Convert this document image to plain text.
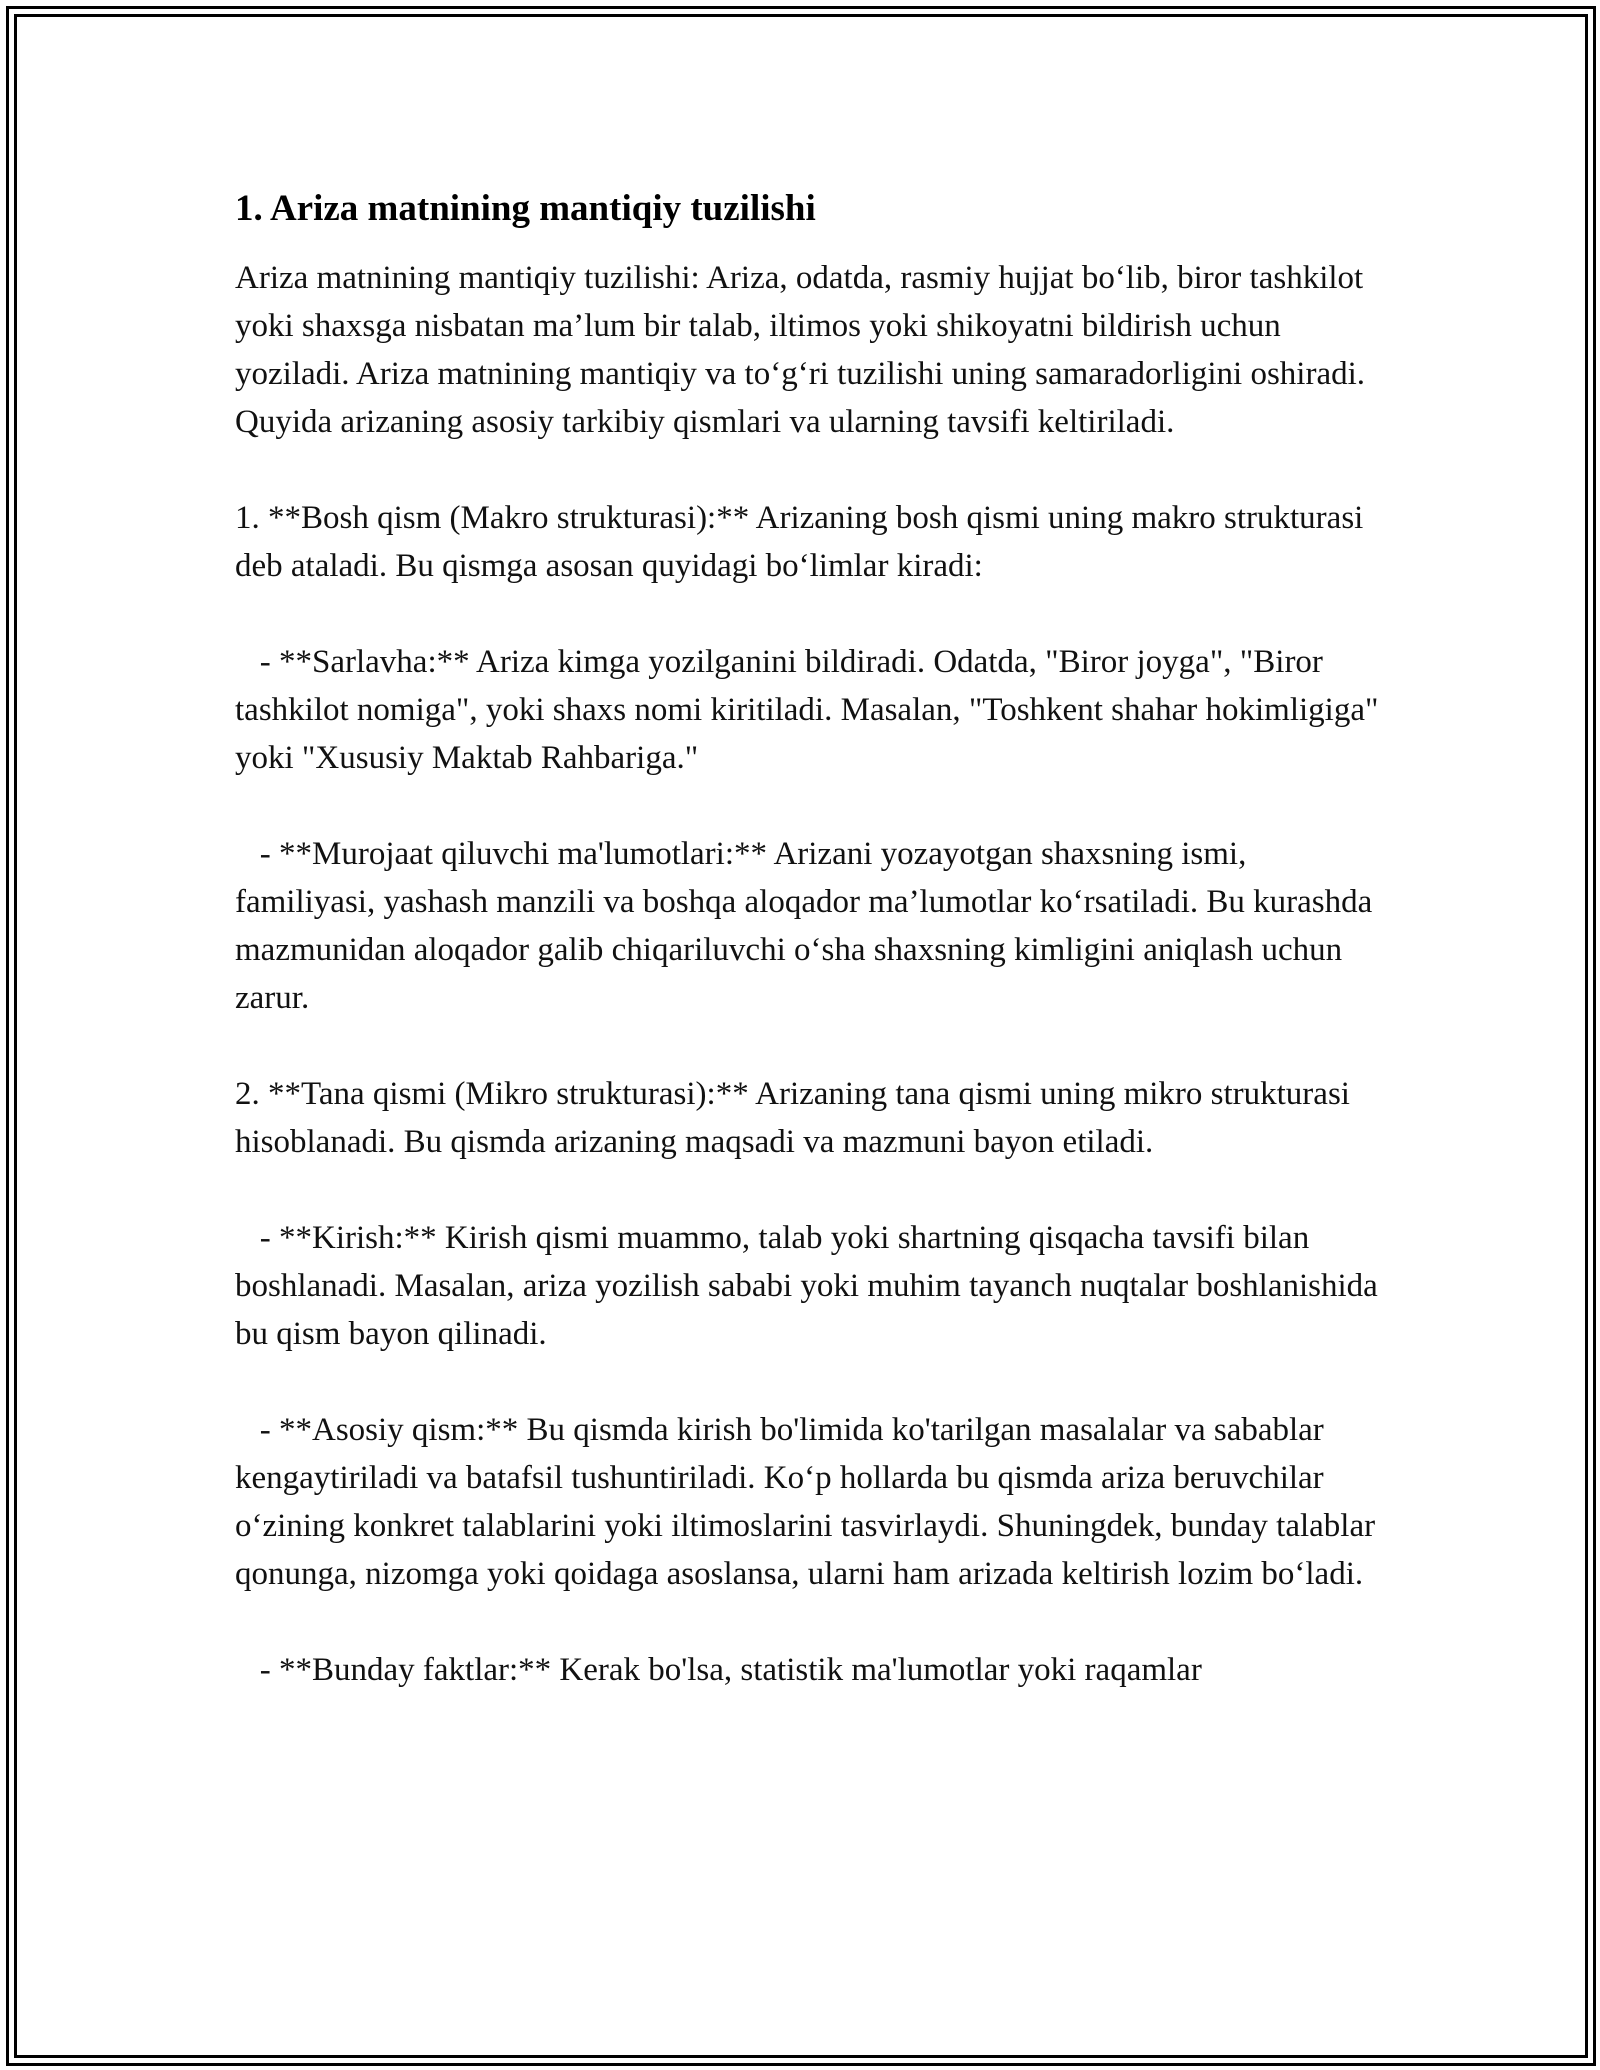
1. Ariza matnining mantiqiy tuzilishi

Ariza matnining mantiqiy tuzilishi: Ariza, odatda, rasmiy hujjat bo‘lib, biror tashkilot yoki shaxsga nisbatan ma’lum bir talab, iltimos yoki shikoyatni bildirish uchun yoziladi. Ariza matnining mantiqiy va to‘g‘ri tuzilishi uning samaradorligini oshiradi. Quyida arizaning asosiy tarkibiy qismlari va ularning tavsifi keltiriladi.

1. **Bosh qism (Makro strukturasi):** Arizaning bosh qismi uning makro strukturasi deb ataladi. Bu qismga asosan quyidagi bo‘limlar kiradi:

- **Sarlavha:** Ariza kimga yozilganini bildiradi. Odatda, "Biror joyga", "Biror tashkilot nomiga", yoki shaxs nomi kiritiladi. Masalan, "Toshkent shahar hokimligiga" yoki "Xususiy Maktab Rahbariga."

- **Murojaat qiluvchi ma'lumotlari:** Arizani yozayotgan shaxsning ismi, familiyasi, yashash manzili va boshqa aloqador ma’lumotlar ko‘rsatiladi. Bu kurashda mazmunidan aloqador galib chiqariluvchi o‘sha shaxsning kimligini aniqlash uchun zarur.

2. **Tana qismi (Mikro strukturasi):** Arizaning tana qismi uning mikro strukturasi hisoblanadi. Bu qismda arizaning maqsadi va mazmuni bayon etiladi.

- **Kirish:** Kirish qismi muammo, talab yoki shartning qisqacha tavsifi bilan boshlanadi. Masalan, ariza yozilish sababi yoki muhim tayanch nuqtalar boshlanishida bu qism bayon qilinadi.

- **Asosiy qism:** Bu qismda kirish bo'limida ko'tarilgan masalalar va sabablar kengaytiriladi va batafsil tushuntiriladi. Ko‘p hollarda bu qismda ariza beruvchilar o‘zining konkret talablarini yoki iltimoslarini tasvirlaydi. Shuningdek, bunday talablar qonunga, nizomga yoki qoidaga asoslansa, ularni ham arizada keltirish lozim bo‘ladi.

- **Bunday faktlar:** Kerak bo'lsa, statistik ma'lumotlar yoki raqamlar
